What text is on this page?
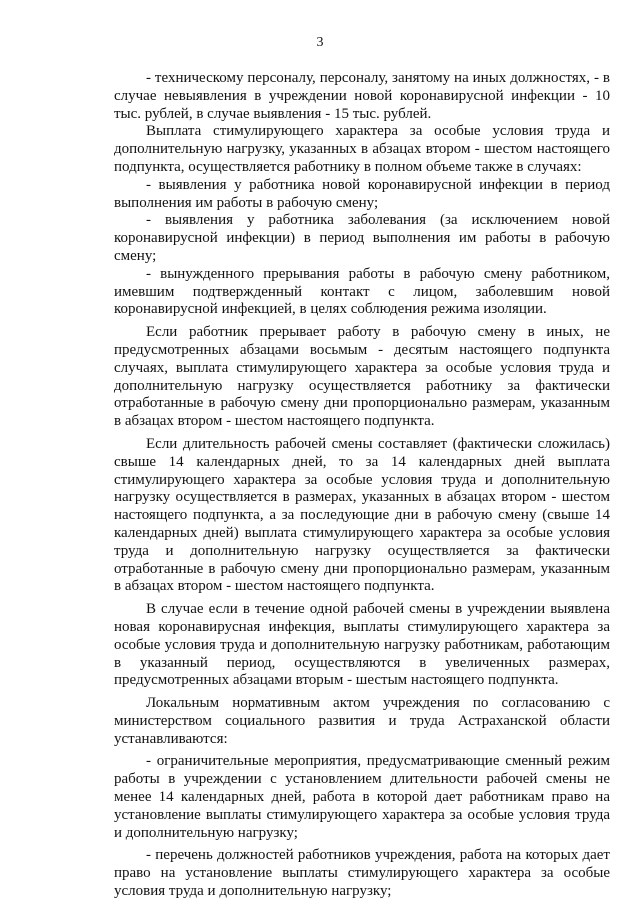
3

- техническому персоналу, персоналу, занятому на иных должностях, - в случае невыявления в учреждении новой коронавирусной инфекции - 10 тыс. рублей, в случае выявления - 15 тыс. рублей.

Выплата стимулирующего характера за особые условия труда и дополнительную нагрузку, указанных в абзацах втором - шестом настоящего подпункта, осуществляется работнику в полном объеме также в случаях:

- выявления у работника новой коронавирусной инфекции в период выполнения им работы в рабочую смену;

- выявления у работника заболевания (за исключением новой коронавирусной инфекции) в период выполнения им работы в рабочую смену;

- вынужденного прерывания работы в рабочую смену работником, имевшим подтвержденный контакт с лицом, заболевшим новой коронавирусной инфекцией, в целях соблюдения режима изоляции.

Если работник прерывает работу в рабочую смену в иных, не предусмотренных абзацами восьмым - десятым настоящего подпункта случаях, выплата стимулирующего характера за особые условия труда и дополнительную нагрузку осуществляется работнику за фактически отработанные в рабочую смену дни пропорционально размерам, указанным в абзацах втором - шестом настоящего подпункта.

Если длительность рабочей смены составляет (фактически сложилась) свыше 14 календарных дней, то за 14 календарных дней выплата стимулирующего характера за особые условия труда и дополнительную нагрузку осуществляется в размерах, указанных в абзацах втором - шестом настоящего подпункта, а за последующие дни в рабочую смену (свыше 14 календарных дней) выплата стимулирующего характера за особые условия труда и дополнительную нагрузку осуществляется за фактически отработанные в рабочую смену дни пропорционально размерам, указанным в абзацах втором - шестом настоящего подпункта.

В случае если в течение одной рабочей смены в учреждении выявлена новая коронавирусная инфекция, выплаты стимулирующего характера за особые условия труда и дополнительную нагрузку работникам, работающим в указанный период, осуществляются в увеличенных размерах, предусмотренных абзацами вторым - шестым настоящего подпункта.

Локальным нормативным актом учреждения по согласованию с министерством социального развития и труда Астраханской области устанавливаются:

- ограничительные мероприятия, предусматривающие сменный режим работы в учреждении с установлением длительности рабочей смены не менее 14 календарных дней, работа в которой дает работникам право на установление выплаты стимулирующего характера за особые условия труда и дополнительную нагрузку;

- перечень должностей работников учреждения, работа на которых дает право на установление выплаты стимулирующего характера за особые условия труда и дополнительную нагрузку;
